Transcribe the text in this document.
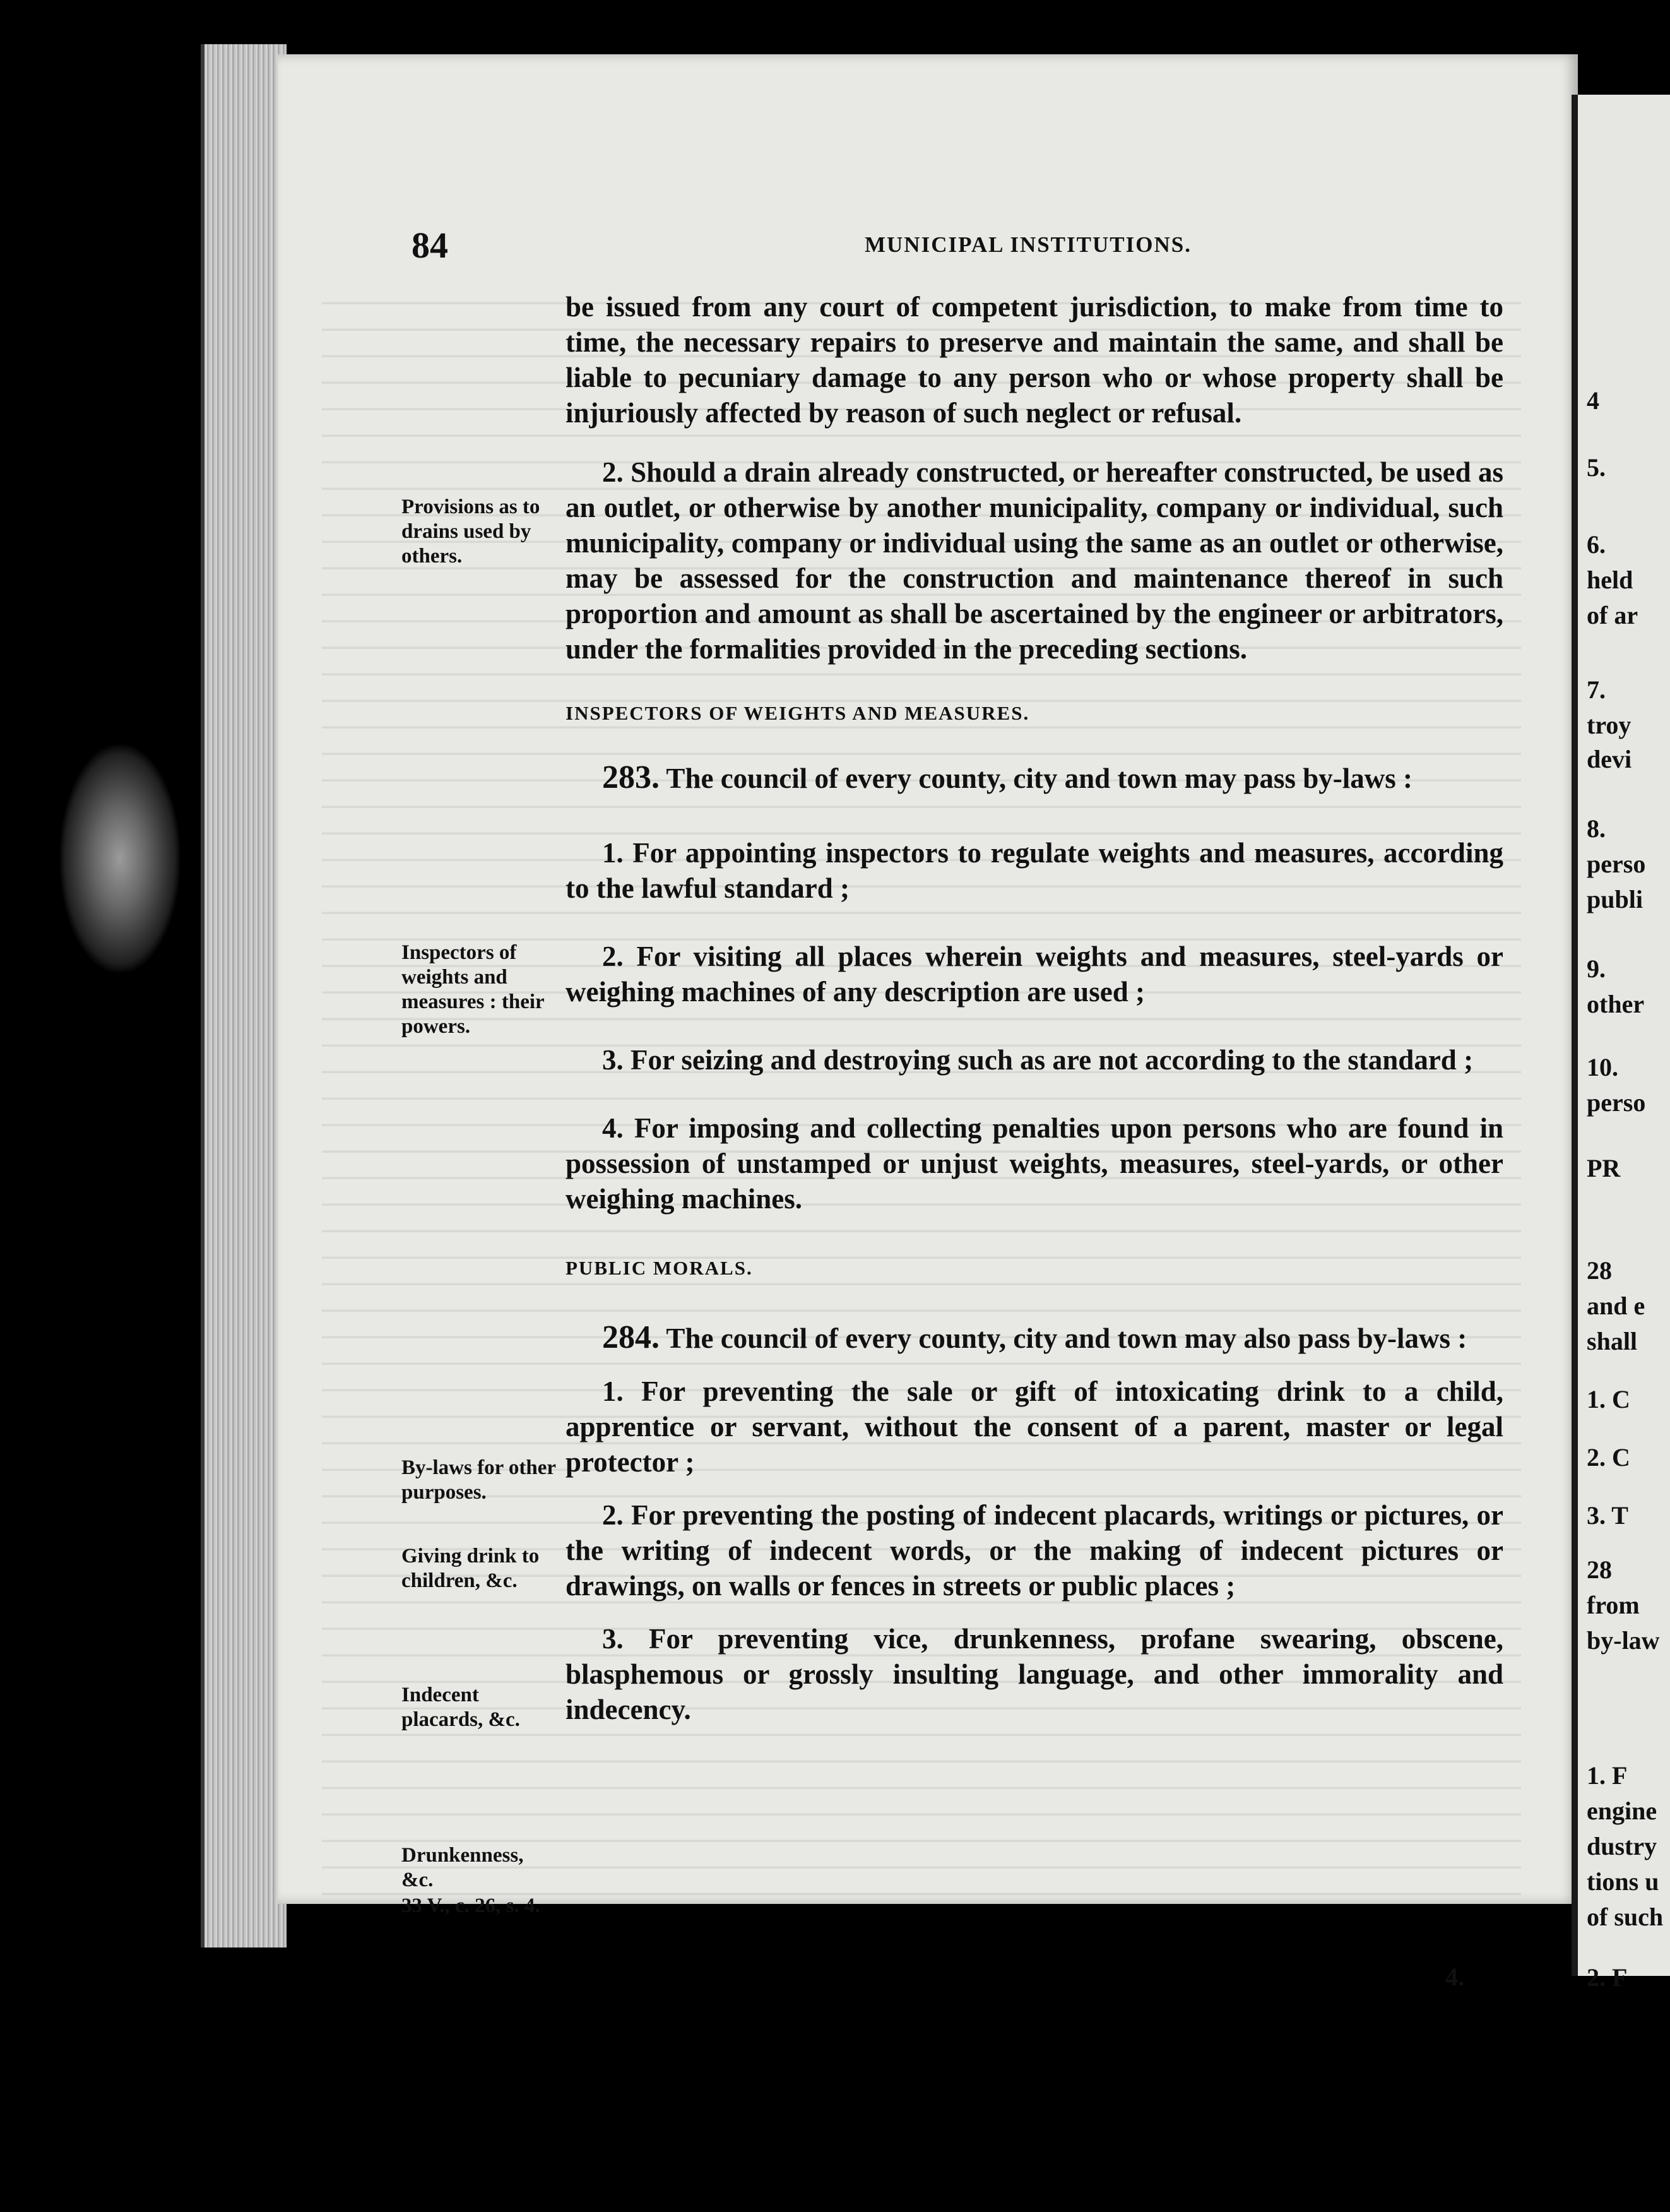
4
5.
6.
held
of ar
7.
troy
devi
8.
perso
publi
9.
other
10.
perso
PR
28
and e
shall
1. C
2. C
3. T
28
from
by-law
1. F
engine
dustry
tions u
of such
2. F
84	MUNICIPAL INSTITUTIONS.
Provisions as to drains used by others.
Inspectors of weights and measures : their powers.
By-laws for other purposes.
Giving drink to children, &c.
Indecent placards, &c.
Drunkenness, &c.
33 V., c. 26, s. 4.

be issued from any court of competent jurisdiction, to make from time to time, the necessary repairs to preserve and maintain the same, and shall be liable to pecuniary damage to any person who or whose property shall be injuriously affected by reason of such neglect or refusal.

2. Should a drain already constructed, or hereafter constructed, be used as an outlet, or otherwise by another municipality, company or individual, such municipality, company or individual using the same as an outlet or otherwise, may be assessed for the construction and maintenance thereof in such proportion and amount as shall be ascertained by the engineer or arbitrators, under the formalities provided in the preceding sections.

INSPECTORS OF WEIGHTS AND MEASURES.

283. The council of every county, city and town may pass by-laws :

1. For appointing inspectors to regulate weights and measures, according to the lawful standard ;

2. For visiting all places wherein weights and measures, steel-yards or weighing machines of any description are used ;

3. For seizing and destroying such as are not according to the standard ;

4. For imposing and collecting penalties upon persons who are found in possession of unstamped or unjust weights, measures, steel-yards, or other weighing machines.

PUBLIC MORALS.

284. The council of every county, city and town may also pass by-laws :

1. For preventing the sale or gift of intoxicating drink to a child, apprentice or servant, without the consent of a parent, master or legal protector ;

2. For preventing the posting of indecent placards, writings or pictures, or the writing of indecent words, or the making of indecent pictures or drawings, on walls or fences in streets or public places ;

3. For preventing vice, drunkenness, profane swearing, obscene, blasphemous or grossly insulting language, and other immorality and indecency.

4.
